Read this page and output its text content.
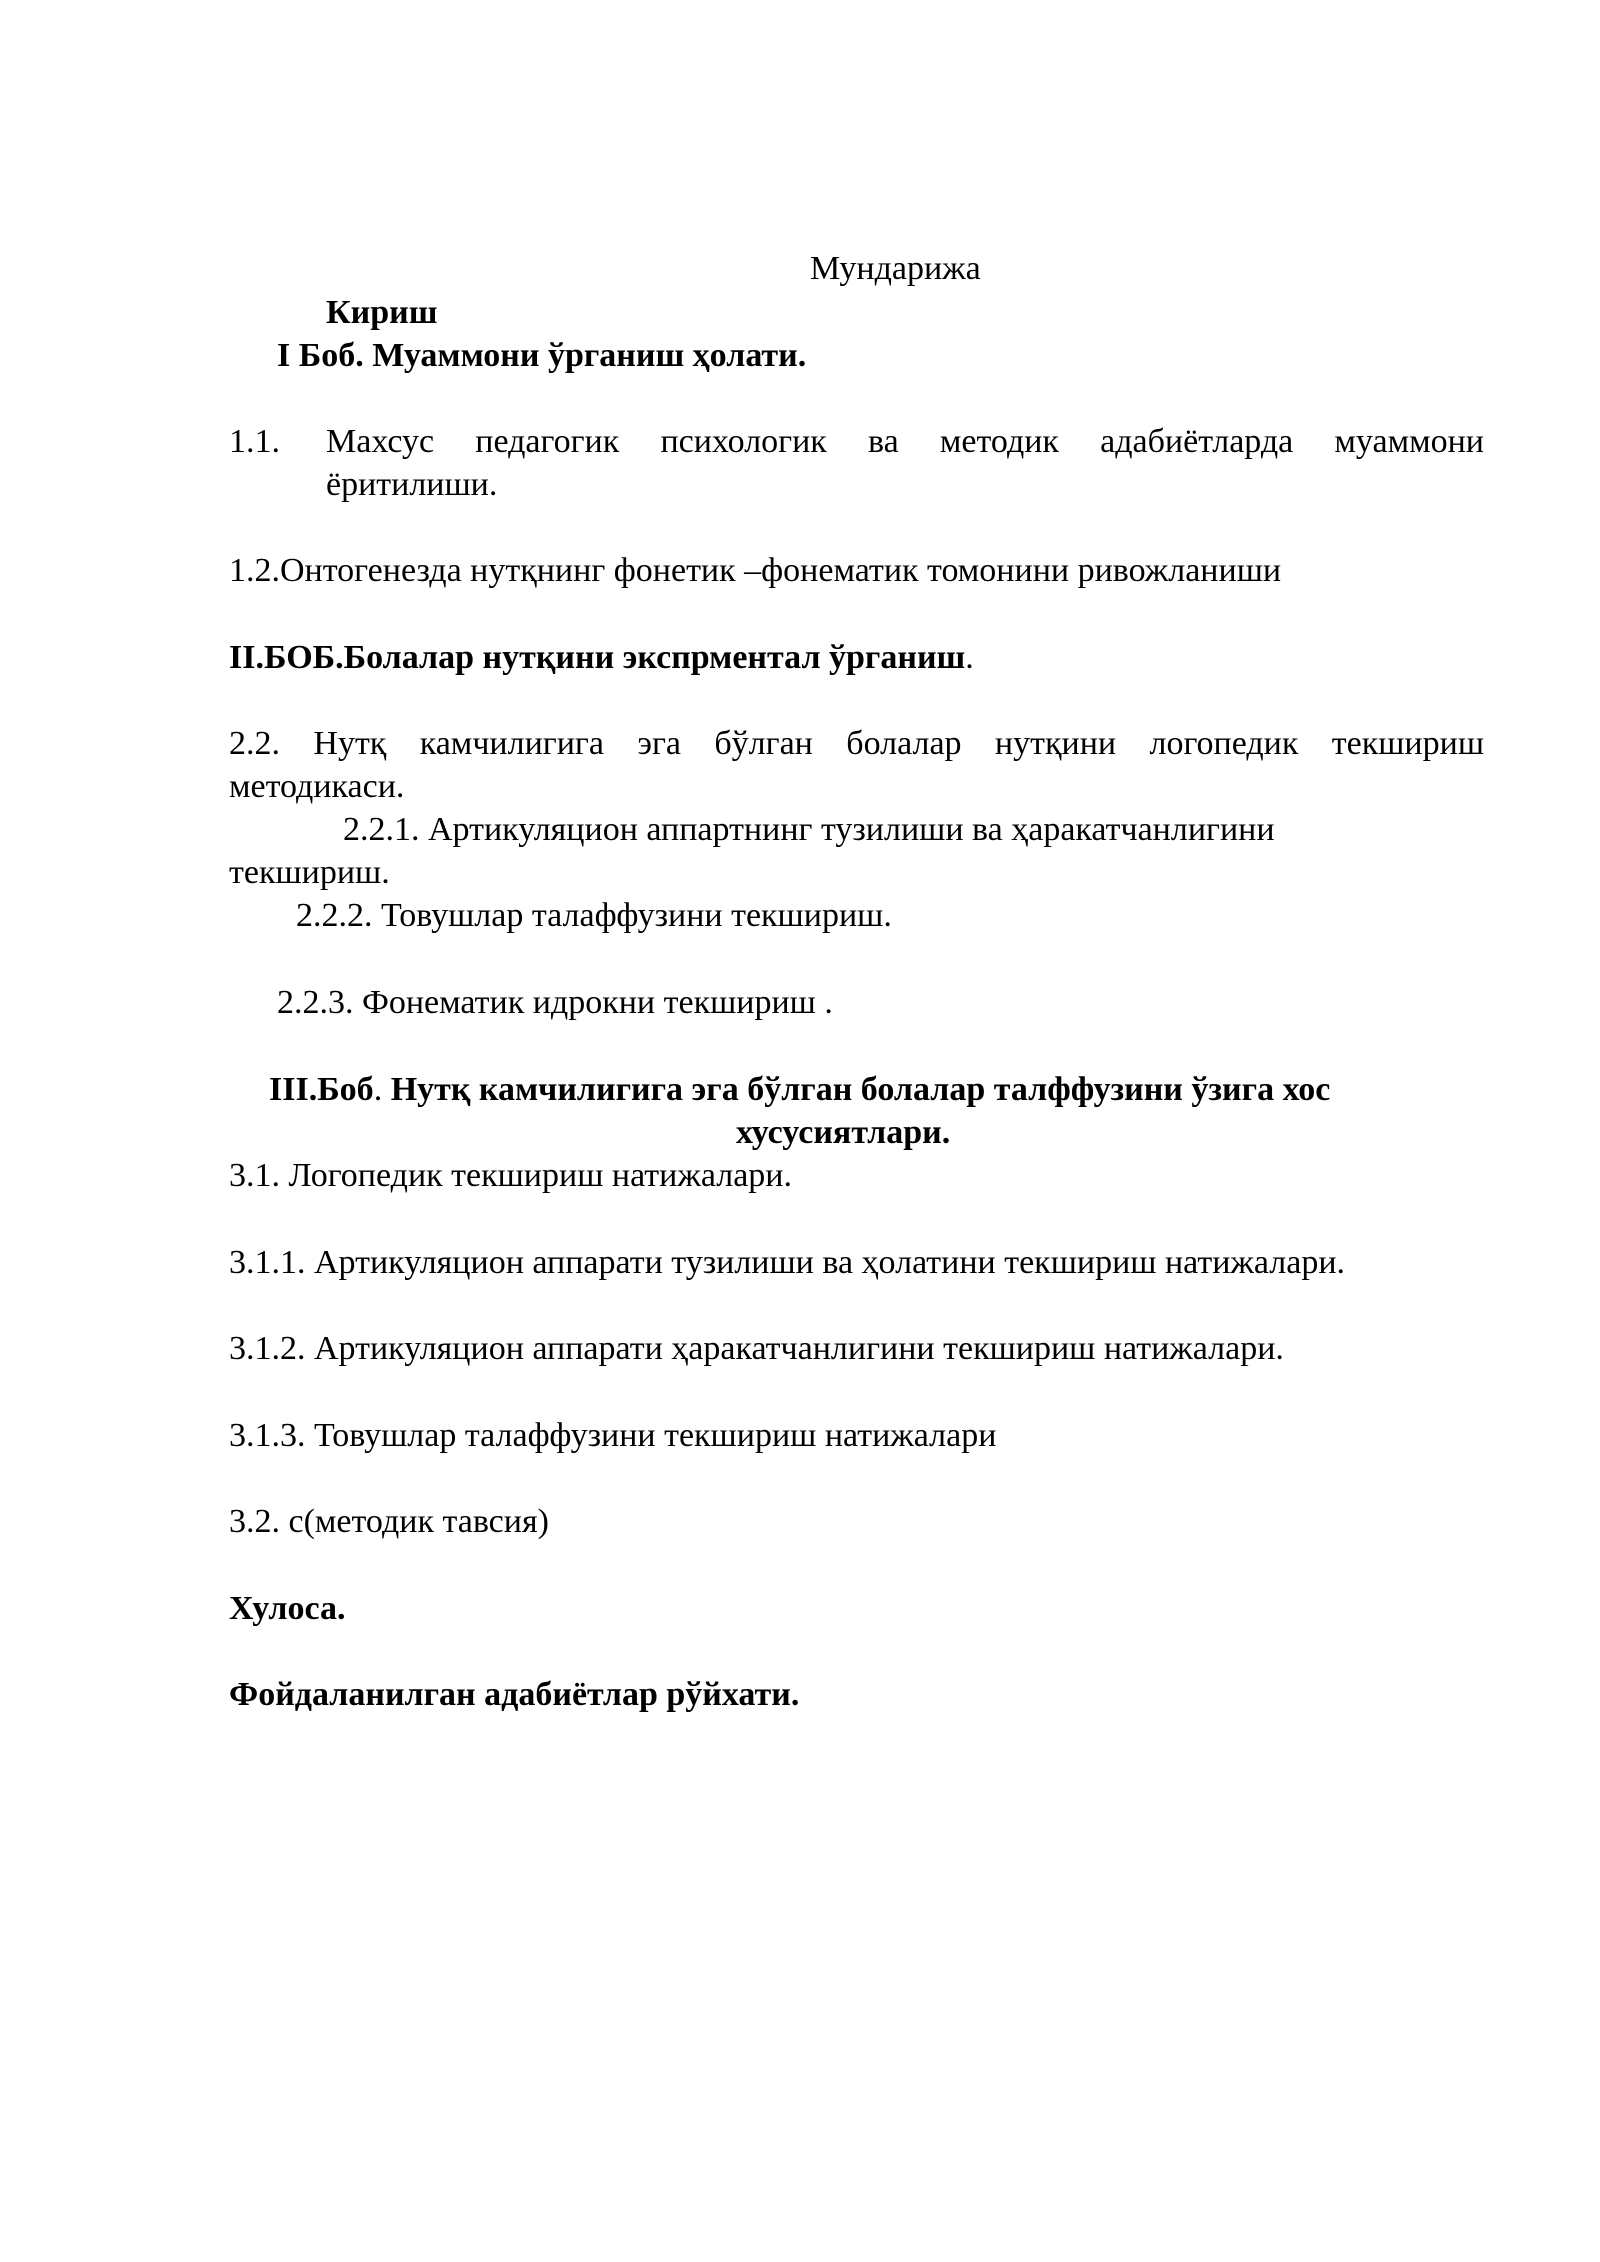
Мундарижа
Кириш
I Боб. Муаммони ўрганиш ҳолати.
1.1. Махсус педагогик психологик ва методик адабиётларда муаммони
ёритилиши.
1.2.Онтогенезда нутқнинг фонетик –фонематик томонини ривожланиши
II.БОБ.Болалар нутқини экспрментал ўрганиш.
2.2. Нутқ камчилигига эга бўлган болалар нутқини логопедик текшириш
методикаси.
2.2.1. Артикуляцион аппартнинг тузилиши ва ҳаракатчанлигини
текшириш.
2.2.2. Товушлар талаффузини текшириш.
2.2.3. Фонематик идрокни текшириш .
III.Боб. Нутқ камчилигига эга бўлган болалар талффузини ўзига хос
хусусиятлари.
3.1. Логопедик текшириш натижалари.
3.1.1. Артикуляцион аппарати тузилиши ва ҳолатини текшириш натижалари.
3.1.2. Артикуляцион аппарати ҳаракатчанлигини текшириш натижалари.
3.1.3. Товушлар талаффузини текшириш натижалари
3.2. с(методик тавсия)
Хулоса.
Фойдаланилган адабиётлар рўйхати.
